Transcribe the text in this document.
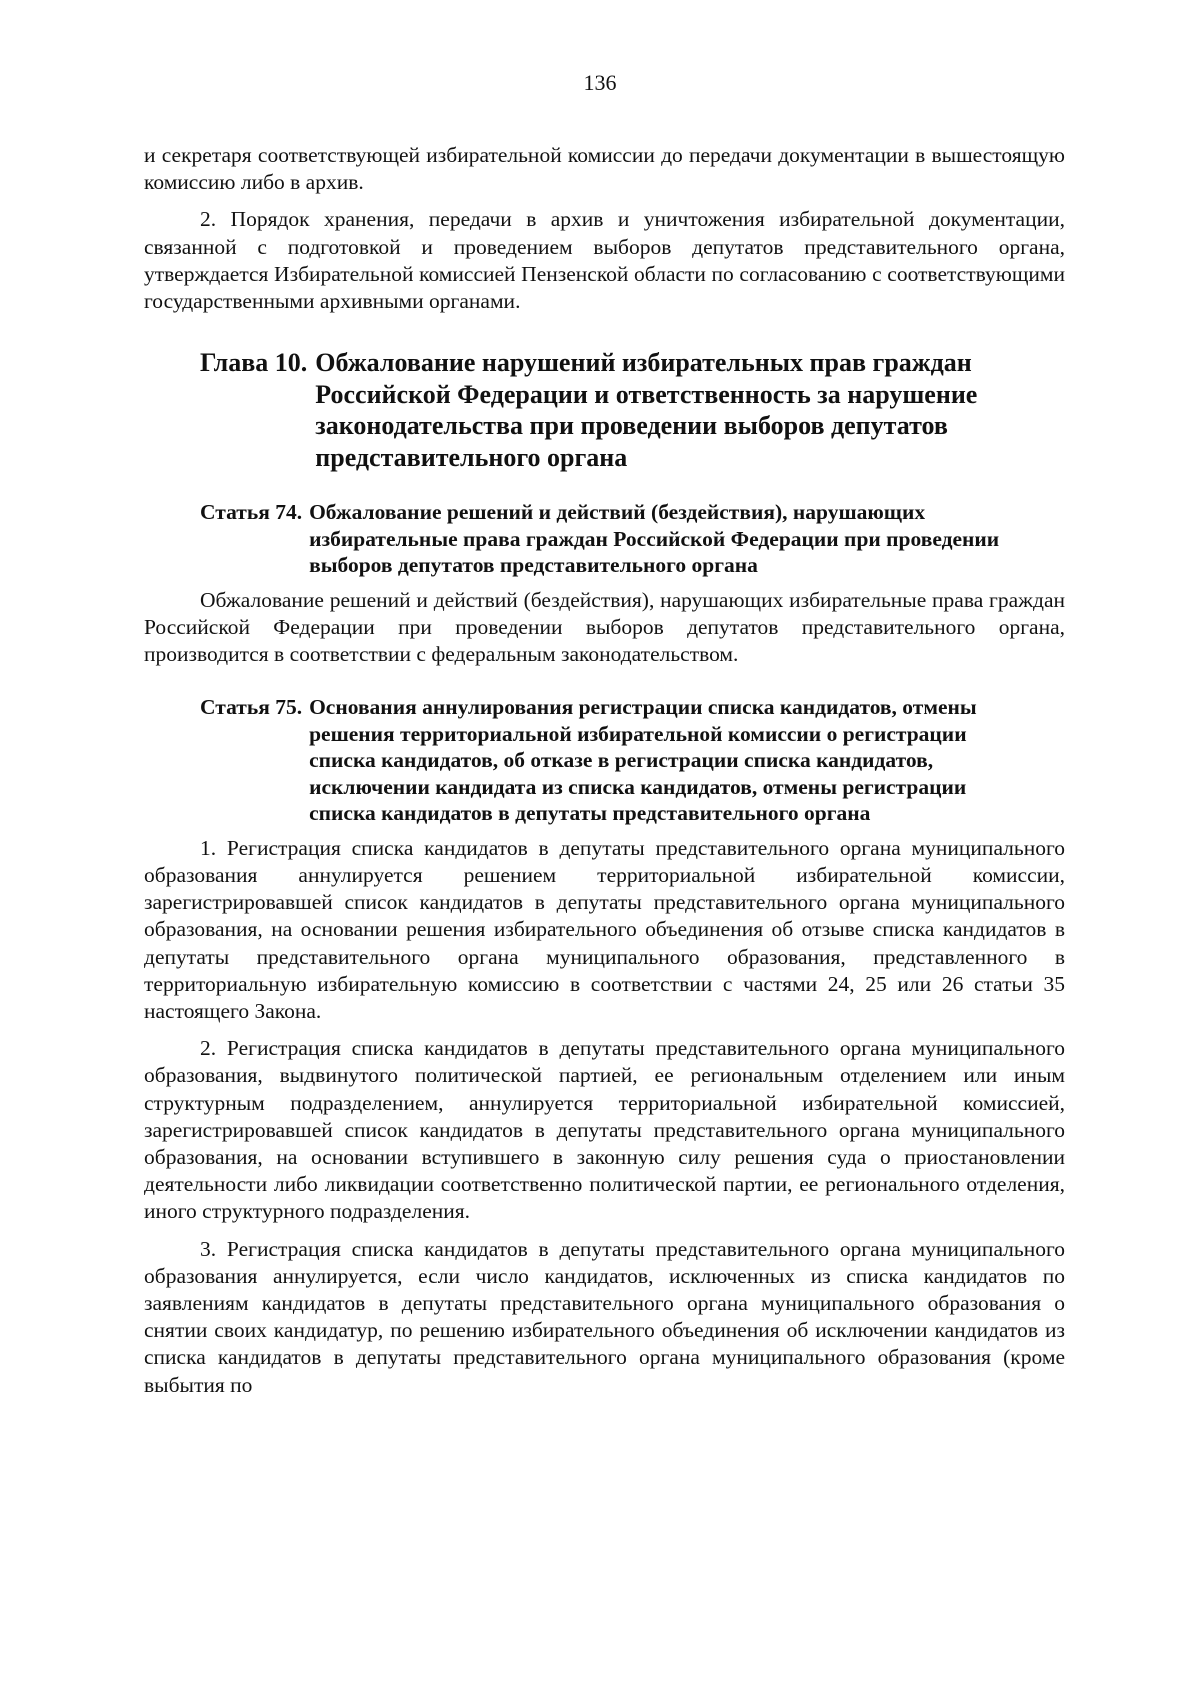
136

и секретаря соответствующей избирательной комиссии до передачи документации в вышестоящую комиссию либо в архив.

2. Порядок хранения, передачи в архив и уничтожения избирательной документации, связанной с подготовкой и проведением выборов депутатов представительного органа, утверждается Избирательной комиссией Пензенской области по согласованию с соответствующими государственными архивными органами.

Глава 10. Обжалование нарушений избирательных прав граждан Российской Федерации и ответственность за нарушение законодательства при проведении выборов депутатов представительного органа
Статья 74. Обжалование решений и действий (бездействия), нарушающих избирательные права граждан Российской Федерации при проведении выборов депутатов представительного органа

Обжалование решений и действий (бездействия), нарушающих избирательные права граждан Российской Федерации при проведении выборов депутатов представительного органа, производится в соответствии с федеральным законодательством.

Статья 75. Основания аннулирования регистрации списка кандидатов, отмены решения территориальной избирательной комиссии о регистрации списка кандидатов, об отказе в регистрации списка кандидатов, исключении кандидата из списка кандидатов, отмены регистрации списка кандидатов в депутаты представительного органа

1. Регистрация списка кандидатов в депутаты представительного органа муниципального образования аннулируется решением территориальной избирательной комиссии, зарегистрировавшей список кандидатов в депутаты представительного органа муниципального образования, на основании решения избирательного объединения об отзыве списка кандидатов в депутаты представительного органа муниципального образования, представленного в территориальную избирательную комиссию в соответствии с частями 24, 25 или 26 статьи 35 настоящего Закона.

2. Регистрация списка кандидатов в депутаты представительного органа муниципального образования, выдвинутого политической партией, ее региональным отделением или иным структурным подразделением, аннулируется территориальной избирательной комиссией, зарегистрировавшей список кандидатов в депутаты представительного органа муниципального образования, на основании вступившего в законную силу решения суда о приостановлении деятельности либо ликвидации соответственно политической партии, ее регионального отделения, иного структурного подразделения.

3. Регистрация списка кандидатов в депутаты представительного органа муниципального образования аннулируется, если число кандидатов, исключенных из списка кандидатов по заявлениям кандидатов в депутаты представительного органа муниципального образования о снятии своих кандидатур, по решению избирательного объединения об исключении кандидатов из списка кандидатов в депутаты представительного органа муниципального образования (кроме выбытия по
